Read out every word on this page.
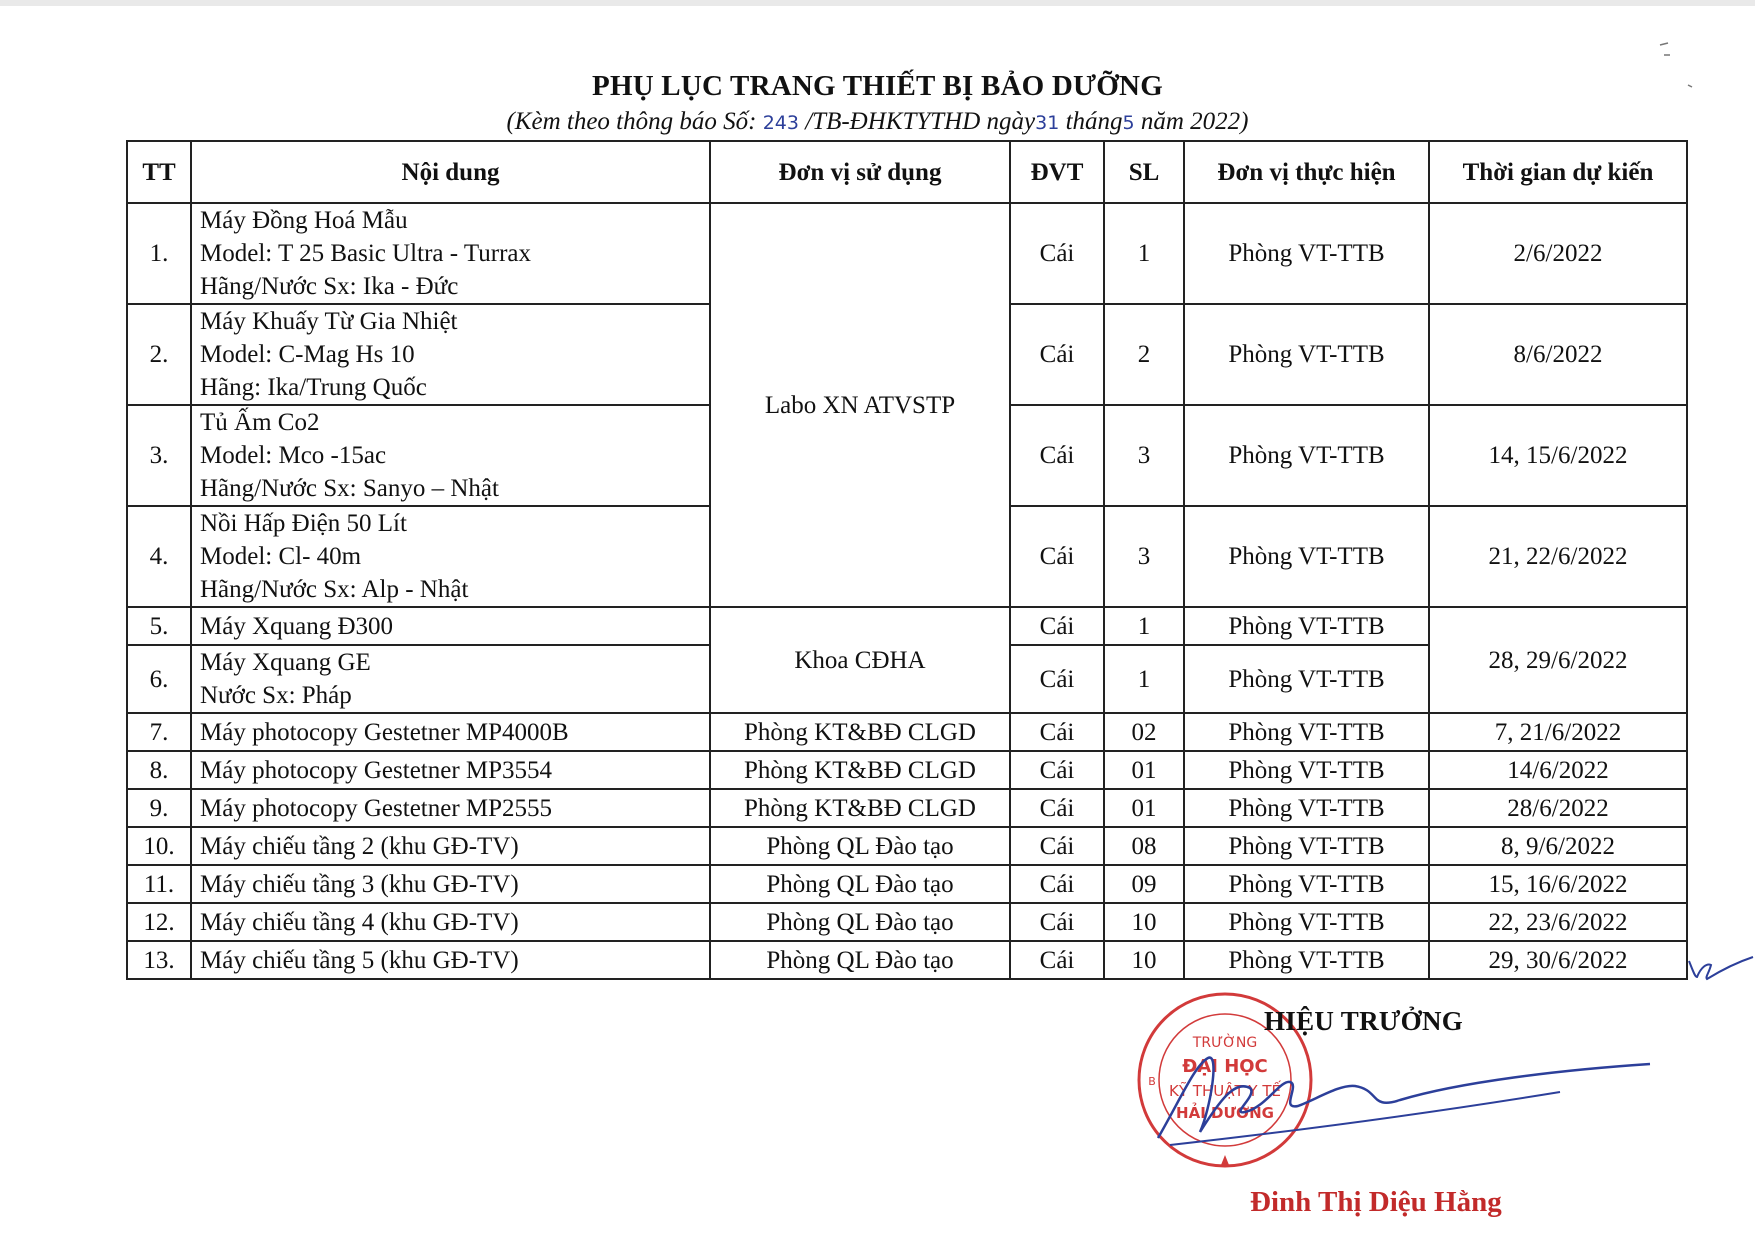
PHỤ LỤC TRANG THIẾT BỊ BẢO DƯỠNG
(Kèm theo thông báo Số: 243 /TB-ĐHKTYTHD ngày31 tháng5 năm 2022)
TT	Nội dung	Đơn vị sử dụng	ĐVT	SL	Đơn vị thực hiện	Thời gian dự kiến
1.	Máy Đồng Hoá Mẫu
Model: T 25 Basic Ultra - Turrax
Hãng/Nước Sx: Ika - Đức	Labo XN ATVSTP	Cái	1	Phòng VT-TTB	2/6/2022
2.	Máy Khuấy Từ Gia Nhiệt
Model: C-Mag Hs 10
Hãng: Ika/Trung Quốc		Cái	2	Phòng VT-TTB	8/6/2022
3.	Tủ Ấm Co2
Model: Mco -15ac
Hãng/Nước Sx: Sanyo – Nhật		Cái	3	Phòng VT-TTB	14, 15/6/2022
4.	Nồi Hấp Điện 50 Lít
Model: Cl- 40m
Hãng/Nước Sx: Alp - Nhật		Cái	3	Phòng VT-TTB	21, 22/6/2022
5.	Máy Xquang Đ300	Khoa CĐHA	Cái	1	Phòng VT-TTB	28, 29/6/2022
6.	Máy Xquang GE
Nước Sx: Pháp		Cái	1	Phòng VT-TTB	
7.	Máy photocopy Gestetner MP4000B	Phòng KT&BĐ CLGD	Cái	02	Phòng VT-TTB	7, 21/6/2022
8.	Máy photocopy Gestetner MP3554	Phòng KT&BĐ CLGD	Cái	01	Phòng VT-TTB	14/6/2022
9.	Máy photocopy Gestetner MP2555	Phòng KT&BĐ CLGD	Cái	01	Phòng VT-TTB	28/6/2022
10.	Máy chiếu tầng 2 (khu GĐ-TV)	Phòng QL Đào tạo	Cái	08	Phòng VT-TTB	8, 9/6/2022
11.	Máy chiếu tầng 3 (khu GĐ-TV)	Phòng QL Đào tạo	Cái	09	Phòng VT-TTB	15, 16/6/2022
12.	Máy chiếu tầng 4 (khu GĐ-TV)	Phòng QL Đào tạo	Cái	10	Phòng VT-TTB	22, 23/6/2022
13.	Máy chiếu tầng 5 (khu GĐ-TV)	Phòng QL Đào tạo	Cái	10	Phòng VT-TTB	29, 30/6/2022
TRƯỜNG
ĐẠI HỌC
KỸ THUẬT Y TẾ
HẢI DƯƠNG
B
HIỆU TRƯỞNG
Đinh Thị Diệu Hằng
